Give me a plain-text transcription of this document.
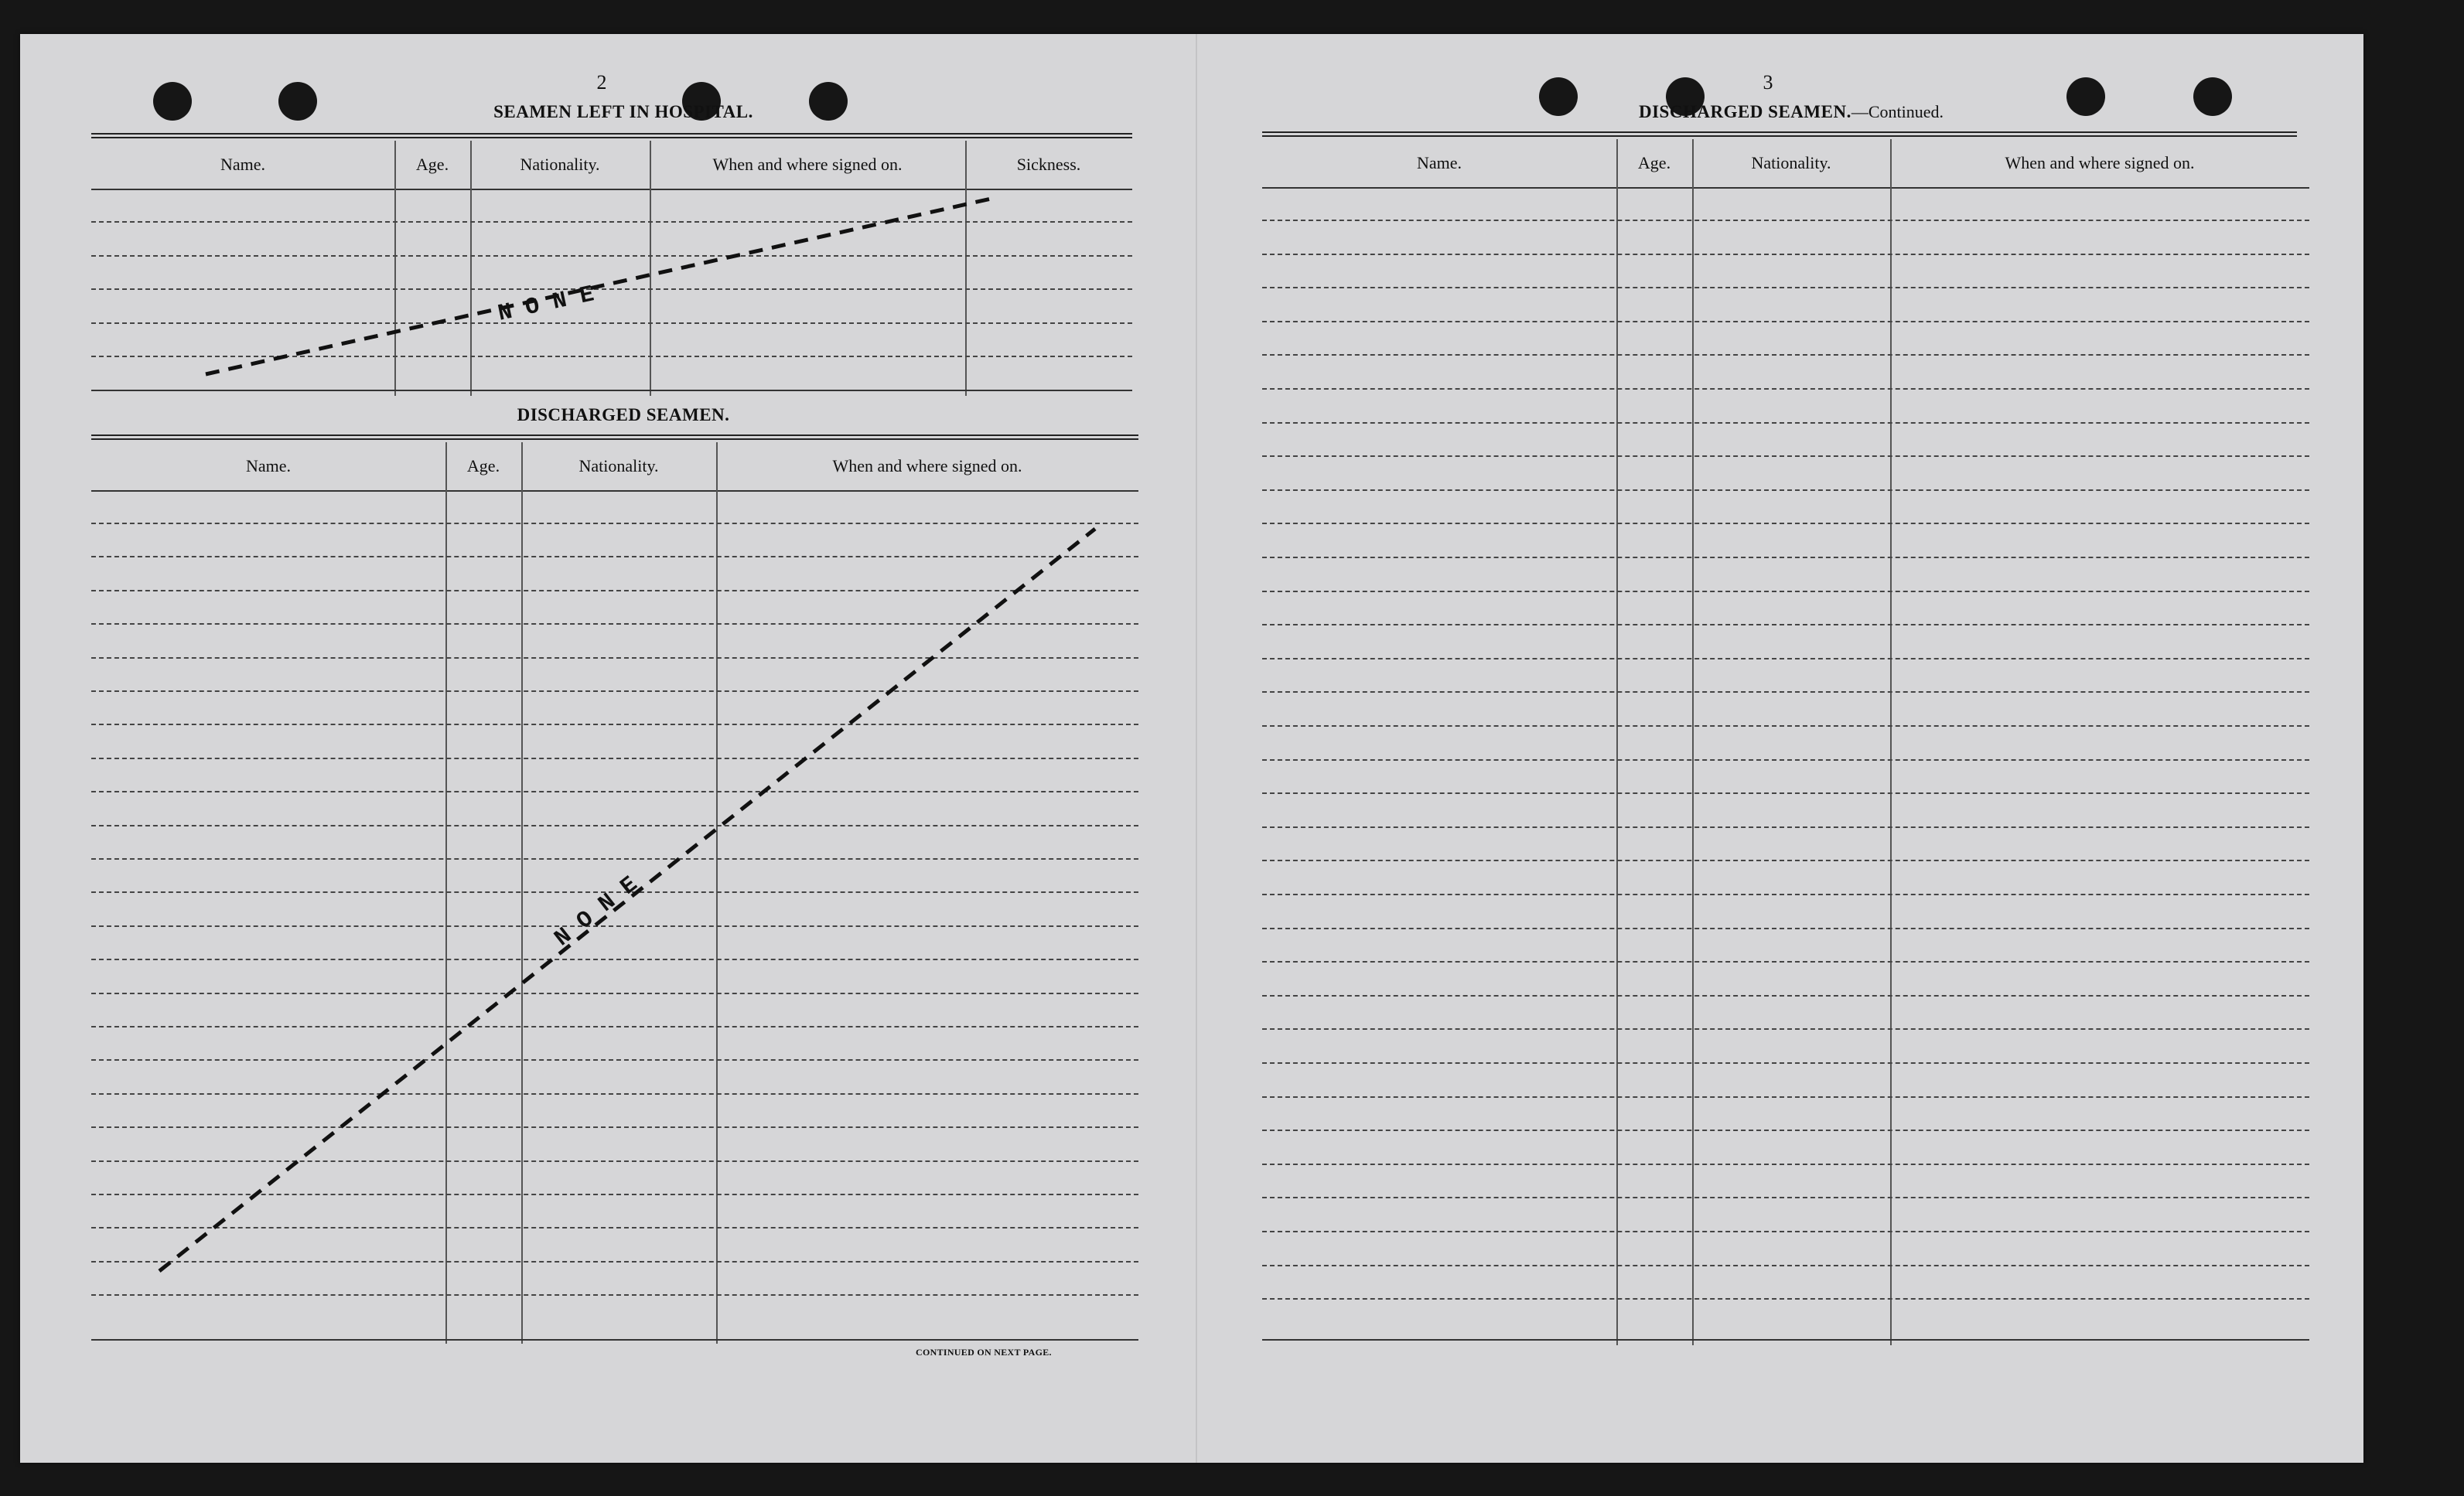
2
SEAMEN LEFT IN HOSPITAL.
Name.	Age.	Nationality.	When and where signed on.	Sickness.
DISCHARGED SEAMEN.
Name.	Age.	Nationality.	When and where signed on.
CONTINUED ON NEXT PAGE.
3
DISCHARGED SEAMEN.—Continued.
Name.	Age.	Nationality.	When and where signed on.
N O N E
N O N E
